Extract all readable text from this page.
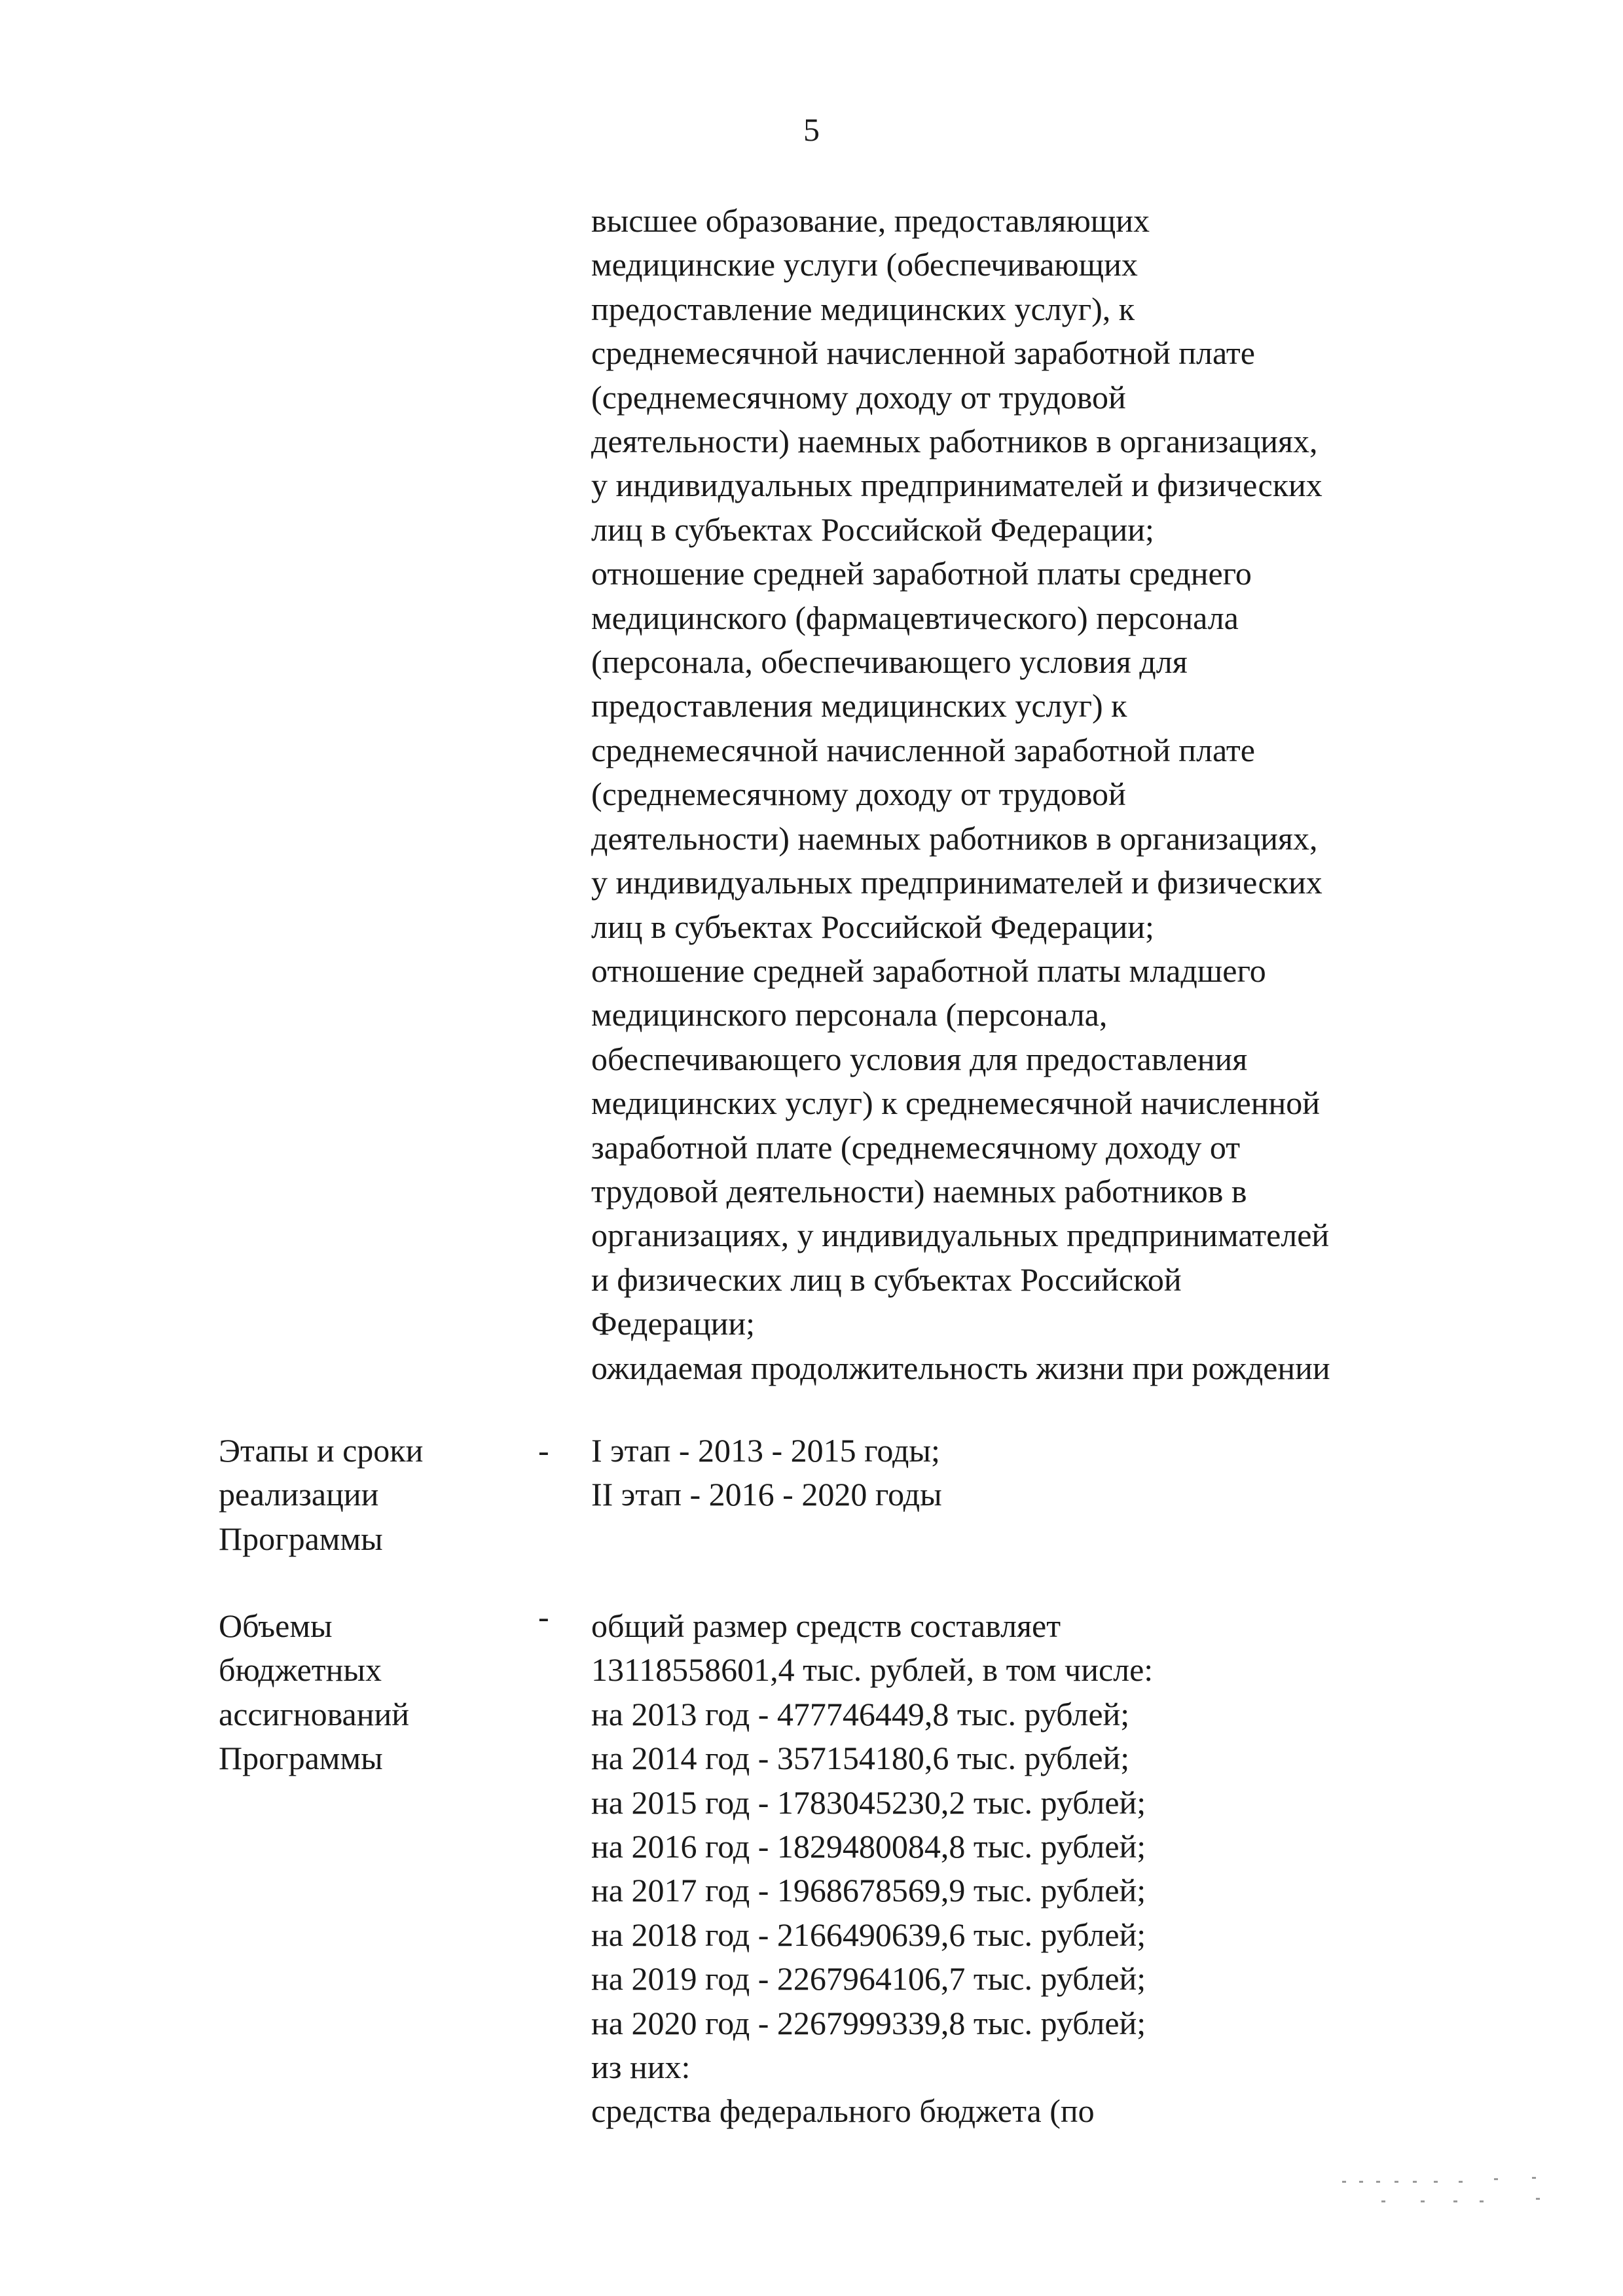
5
высшее образование, предоставляющих
медицинские услуги (обеспечивающих
предоставление медицинских услуг), к
среднемесячной начисленной заработной плате
(среднемесячному доходу от трудовой
деятельности) наемных работников в организациях,
у индивидуальных предпринимателей и физических
лиц в субъектах Российской Федерации;
отношение средней заработной платы среднего
медицинского (фармацевтического) персонала
(персонала, обеспечивающего условия для
предоставления медицинских услуг) к
среднемесячной начисленной заработной плате
(среднемесячному доходу от трудовой
деятельности) наемных работников в организациях,
у индивидуальных предпринимателей и физических
лиц в субъектах Российской Федерации;
отношение средней заработной платы младшего
медицинского персонала (персонала,
обеспечивающего условия для предоставления
медицинских услуг) к среднемесячной начисленной
заработной плате (среднемесячному доходу от
трудовой деятельности) наемных работников в
организациях, у индивидуальных предпринимателей
и физических лиц в субъектах Российской
Федерации;
ожидаемая продолжительность жизни при рождении
Этапы и сроки
реализации
Программы
-	I этап - 2013 - 2015 годы;
II этап - 2016 - 2020 годы
Объемы
бюджетных
ассигнований
Программы
-	общий размер средств составляет
13118558601,4 тыс. рублей, в том числе:
на 2013 год - 477746449,8 тыс. рублей;
на 2014 год - 357154180,6 тыс. рублей;
на 2015 год - 1783045230,2 тыс. рублей;
на 2016 год - 1829480084,8 тыс. рублей;
на 2017 год - 1968678569,9 тыс. рублей;
на 2018 год - 2166490639,6 тыс. рублей;
на 2019 год - 2267964106,7 тыс. рублей;
на 2020 год - 2267999339,8 тыс. рублей;
из них:
средства федерального бюджета (по
